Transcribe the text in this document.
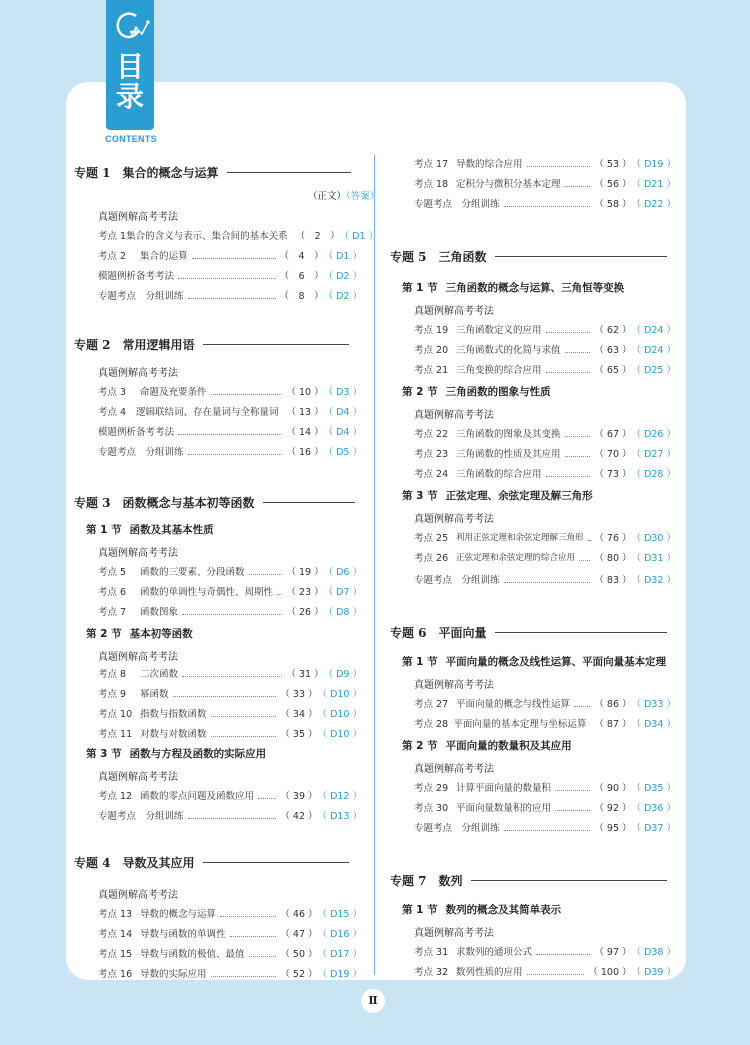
目录
CONTENTS
专题 1　集合的概念与运算
（正文）（答案）
真题例解高考考法
考点 1 集合的含义与表示、集合间的基本关系 （　2　） （ D1 ）
考点 2	集合的运算	（　4　） （ D1 ）
模题例析备考考法	（　6　） （ D2 ）
专题考点　分组训练	（　8　） （ D2 ）
专题 2　常用逻辑用语
真题例解高考考法
考点 3	命题及充要条件	（ 10 ） （ D3 ）
考点 4	逻辑联结词、存在量词与全称量词 （ 13 ） （ D4 ）
模题例析备考考法	（ 14 ） （ D4 ）
专题考点　分组训练	（ 16 ） （ D5 ）
专题 3　函数概念与基本初等函数
第 1 节 函数及其基本性质
真题例解高考考法
考点 5	函数的三要素、分段函数	（ 19 ） （ D6 ）
考点 6	函数的单调性与奇偶性、周期性 （ 23 ） （ D7 ）
考点 7	函数图象	（ 26 ） （ D8 ）
第 2 节 基本初等函数
真题例解高考考法
考点 8	二次函数	（ 31 ） （ D9 ）
考点 9	幂函数	（ 33 ） （ D10 ）
考点 10 指数与指数函数	（ 34 ） （ D10 ）
考点 11 对数与对数函数	（ 35 ） （ D10 ）
第 3 节 函数与方程及函数的实际应用
真题例解高考考法
考点 12 函数的零点问题及函数应用	（ 39 ） （ D12 ）
专题考点　分组训练	（ 42 ） （ D13 ）
专题 4　导数及其应用
真题例解高考考法
考点 13 导数的概念与运算	（ 46 ） （ D15 ）
考点 14 导数与函数的单调性	（ 47 ） （ D16 ）
考点 15 导数与函数的极值、最值	（ 50 ） （ D17 ）
考点 16 导数的实际应用	（ 52 ） （ D19 ）
考点 17 导数的综合应用	（ 53 ） （ D19 ）
考点 18 定积分与微积分基本定理	（ 56 ） （ D21 ）
专题考点　分组训练	（ 58 ） （ D22 ）
专题 5　三角函数
第 1 节 三角函数的概念与运算、三角恒等变换
真题例解高考考法
考点 19 三角函数定义的应用	（ 62 ） （ D24 ）
考点 20 三角函数式的化简与求值	（ 63 ） （ D24 ）
考点 21 三角变换的综合应用	（ 65 ） （ D25 ）
第 2 节 三角函数的图象与性质
真题例解高考考法
考点 22 三角函数的图象及其变换	（ 67 ） （ D26 ）
考点 23 三角函数的性质及其应用	（ 70 ） （ D27 ）
考点 24 三角函数的综合应用	（ 73 ） （ D28 ）
第 3 节 正弦定理、余弦定理及解三角形
真题例解高考考法
考点 25 利用正弦定理和余弦定理解三角形 （ 76 ） （ D30 ）
考点 26 正弦定理和余弦定理的综合应用 （ 80 ） （ D31 ）
专题考点　分组训练	（ 83 ） （ D32 ）
专题 6　平面向量
第 1 节 平面向量的概念及线性运算、平面向量基本定理
真题例解高考考法
考点 27 平面向量的概念与线性运算	（ 86 ） （ D33 ）
考点 28 平面向量的基本定理与坐标运算 （ 87 ） （ D34 ）
第 2 节 平面向量的数量积及其应用
真题例解高考考法
考点 29 计算平面向量的数量积	（ 90 ） （ D35 ）
考点 30 平面向量数量积的应用	（ 92 ） （ D36 ）
专题考点　分组训练	（ 95 ） （ D37 ）
专题 7　数列
第 1 节 数列的概念及其简单表示
真题例解高考考法
考点 31 求数列的通项公式	（ 97 ） （ D38 ）
考点 32 数列性质的应用	（ 100 ） （ D39 ）
Ⅱ
